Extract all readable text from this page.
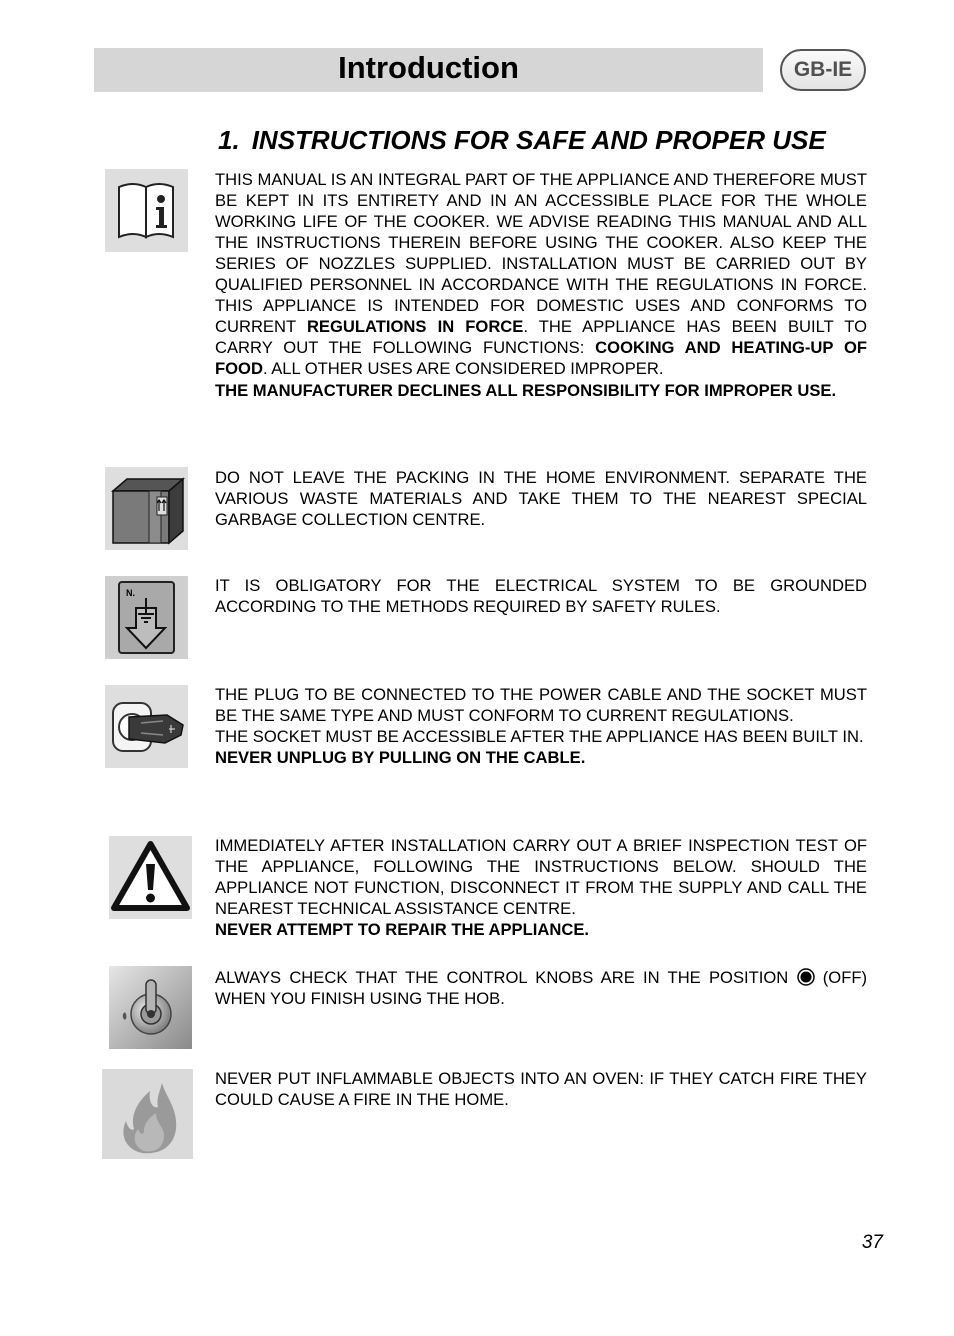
Introduction	GB-IE
1. INSTRUCTIONS FOR SAFE AND PROPER USE

THIS MANUAL IS AN INTEGRAL PART OF THE APPLIANCE AND THEREFORE MUST BE KEPT IN ITS ENTIRETY AND IN AN ACCESSIBLE PLACE FOR THE WHOLE WORKING LIFE OF THE COOKER. WE ADVISE READING THIS MANUAL AND ALL THE INSTRUCTIONS THEREIN BEFORE USING THE COOKER. ALSO KEEP THE SERIES OF NOZZLES SUPPLIED. INSTALLATION MUST BE CARRIED OUT BY QUALIFIED PERSONNEL IN ACCORDANCE WITH THE REGULATIONS IN FORCE. THIS APPLIANCE IS INTENDED FOR DOMESTIC USES AND CONFORMS TO CURRENT REGULATIONS IN FORCE. THE APPLIANCE HAS BEEN BUILT TO CARRY OUT THE FOLLOWING FUNCTIONS: COOKING AND HEATING-UP OF FOOD. ALL OTHER USES ARE CONSIDERED IMPROPER.

THE MANUFACTURER DECLINES ALL RESPONSIBILITY FOR IMPROPER USE.

DO NOT LEAVE THE PACKING IN THE HOME ENVIRONMENT. SEPARATE THE VARIOUS WASTE MATERIALS AND TAKE THEM TO THE NEAREST SPECIAL GARBAGE COLLECTION CENTRE.

N.	IT IS OBLIGATORY FOR THE ELECTRICAL SYSTEM TO BE GROUNDED ACCORDING TO THE METHODS REQUIRED BY SAFETY RULES.

THE PLUG TO BE CONNECTED TO THE POWER CABLE AND THE SOCKET MUST BE THE SAME TYPE AND MUST CONFORM TO CURRENT REGULATIONS.

THE SOCKET MUST BE ACCESSIBLE AFTER THE APPLIANCE HAS BEEN BUILT IN.

NEVER UNPLUG BY PULLING ON THE CABLE.

IMMEDIATELY AFTER INSTALLATION CARRY OUT A BRIEF INSPECTION TEST OF THE APPLIANCE, FOLLOWING THE INSTRUCTIONS BELOW. SHOULD THE APPLIANCE NOT FUNCTION, DISCONNECT IT FROM THE SUPPLY AND CALL THE NEAREST TECHNICAL ASSISTANCE CENTRE.

NEVER ATTEMPT TO REPAIR THE APPLIANCE.

ALWAYS CHECK THAT THE CONTROL KNOBS ARE IN THE POSITION  (OFF) WHEN YOU FINISH USING THE HOB.

NEVER PUT INFLAMMABLE OBJECTS INTO AN OVEN: IF THEY CATCH FIRE THEY COULD CAUSE A FIRE IN THE HOME.

37
